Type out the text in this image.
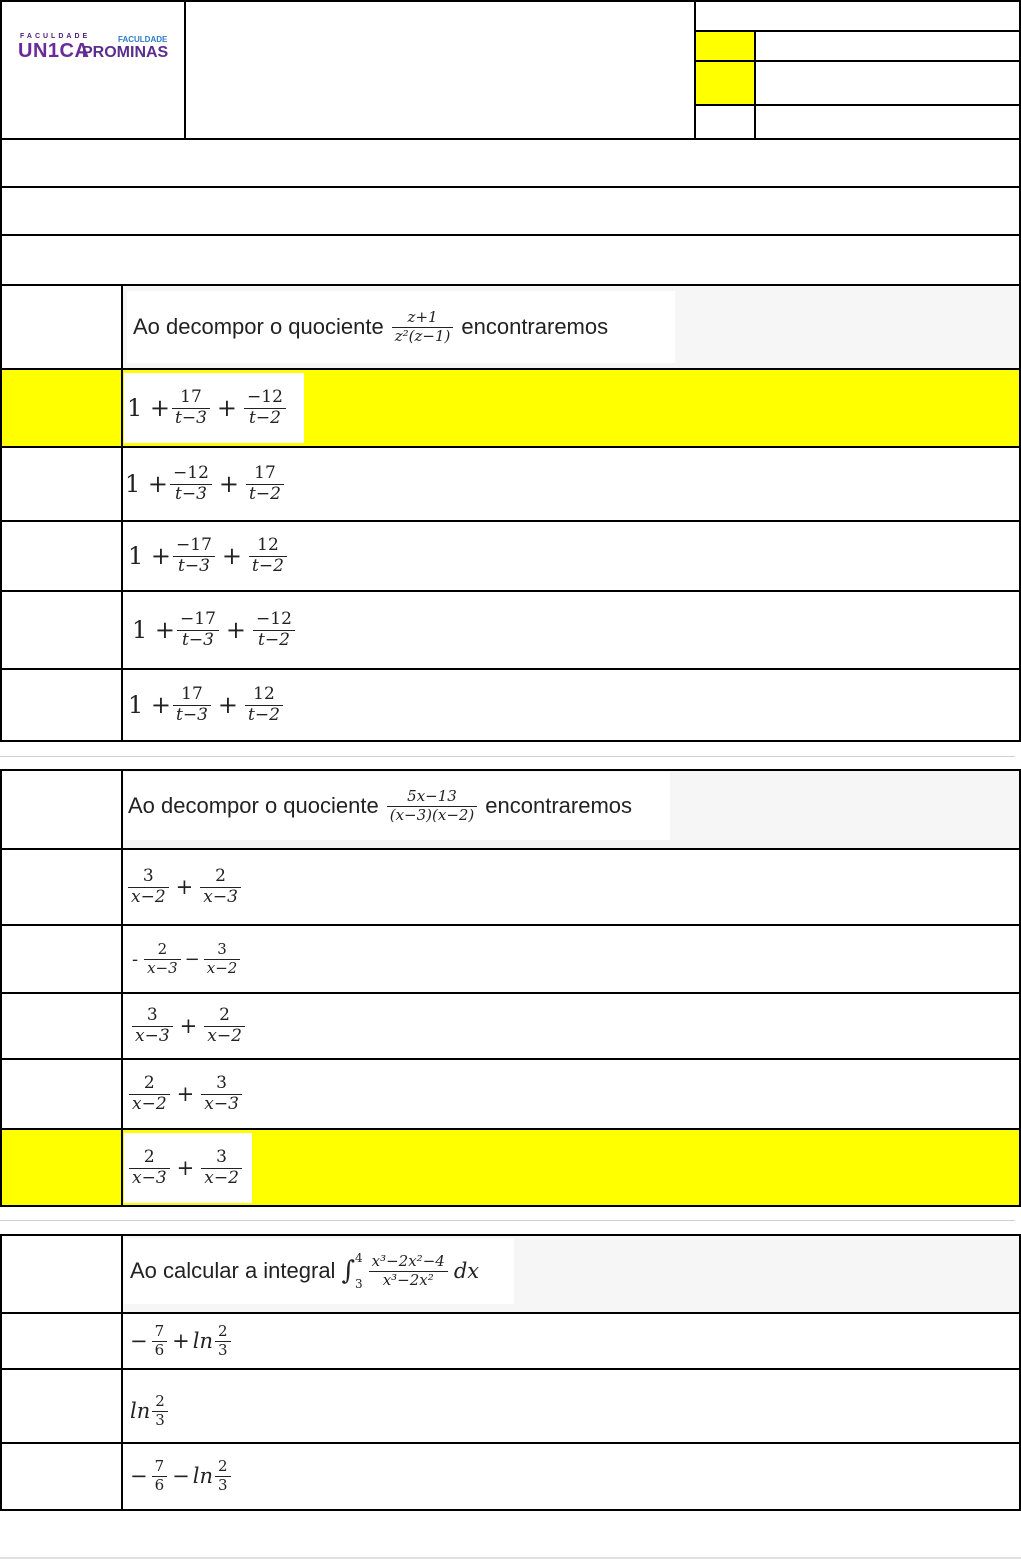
FACULDADE
UN1CA
FACULDADE
PROMINAS
Ao decompor o quociente $\frac{z+1}{\text{z²(z−1)}}$ encontraremos
$1 + \frac{17}{t-3} + \frac{-12}{t-2}$
$1 + \frac{-12}{t-3} + \frac{17}{t-2}$
$1 + \frac{-17}{t-3} + \frac{12}{t-2}$
$1 + \frac{-17}{t-3} + \frac{-12}{t-2}$
$1 + \frac{17}{t-3} + \frac{12}{t-2}$
Ao decompor o quociente $\frac{5x-13}{(x-3)(x-2)}$ encontraremos
$\frac{3}{x-2} + \frac{2}{x-3}$
- $\frac{2}{x-3} - \frac{3}{x-2}$
$\frac{3}{x-3} + \frac{2}{x-2}$
$\frac{2}{x-2} + \frac{3}{x-3}$
$\frac{2}{x-3} + \frac{3}{x-2}$
Ao calcular a integral ∫ 4
$3 \frac{\text{x³−2x²−4}}{\text{x³−2x²}}$ dx
− $\frac{7}{6} + \ln \frac{2}{3}$
$\ln \frac{2}{3}$
− $\frac{7}{6} - \ln \frac{2}{3}$
